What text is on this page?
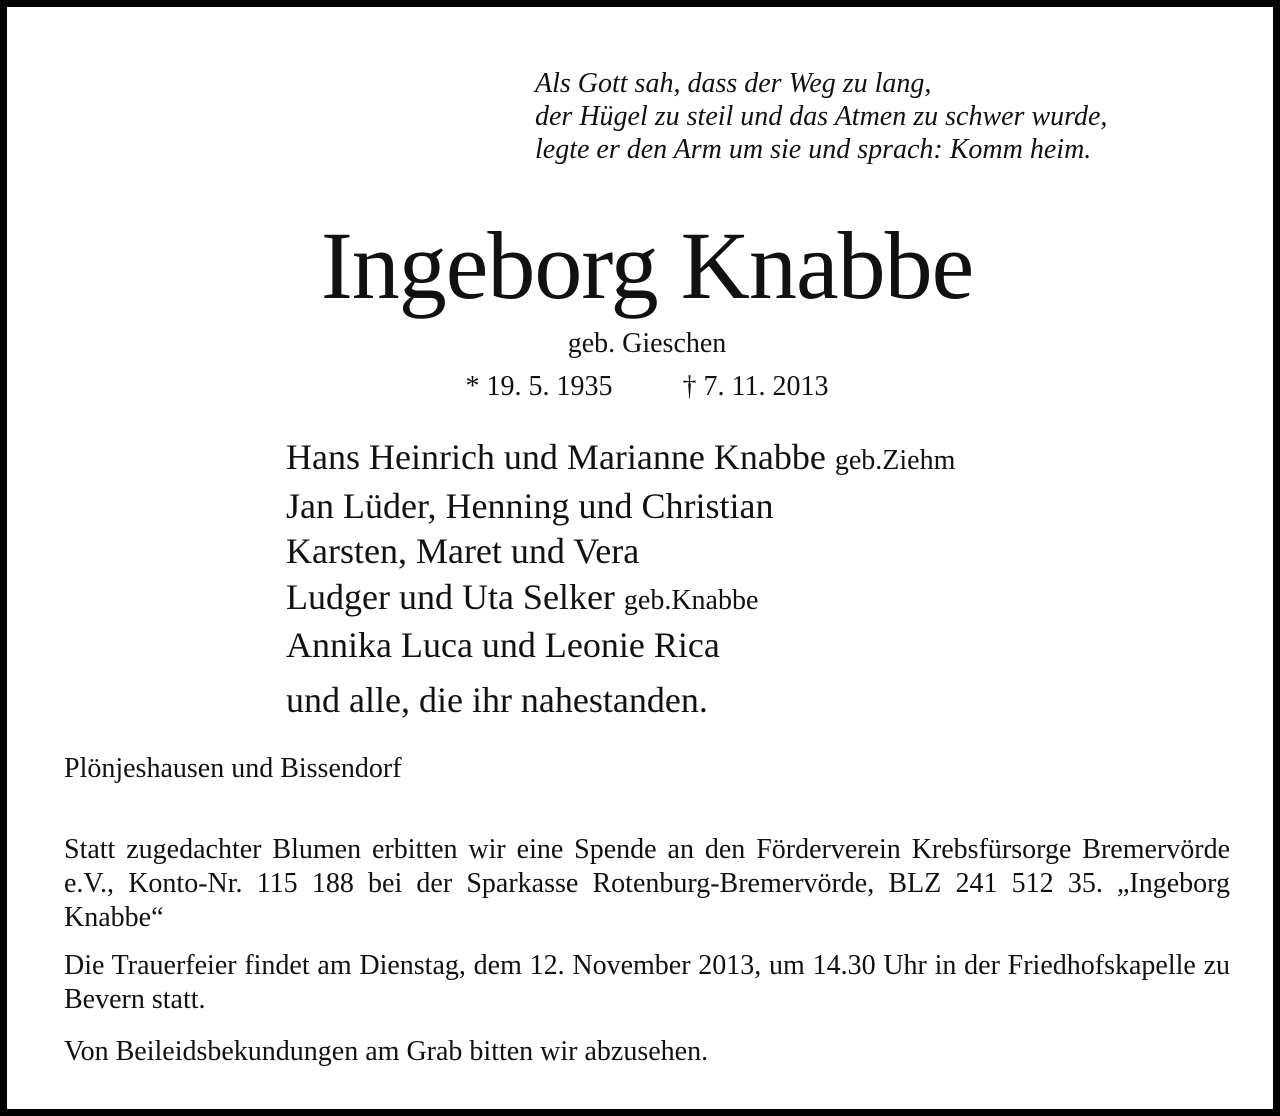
Als Gott sah, dass der Weg zu lang,
der Hügel zu steil und das Atmen zu schwer wurde,
legte er den Arm um sie und sprach: Komm heim.
Ingeborg Knabbe
geb. Gieschen
* 19. 5. 1935	† 7. 11. 2013
Hans Heinrich und Marianne Knabbe geb.Ziehm
Jan Lüder, Henning und Christian
Karsten, Maret und Vera
Ludger und Uta Selker geb.Knabbe
Annika Luca und Leonie Rica
und alle, die ihr nahestanden.
Plönjeshausen und Bissendorf
Statt zugedachter Blumen erbitten wir eine Spende an den Förderverein Krebsfürsorge Bremervörde e.V., Konto-Nr. 115 188 bei der Sparkasse Rotenburg-Bremervörde, BLZ 241 512 35. „Ingeborg Knabbe“
Die Trauerfeier findet am Dienstag, dem 12. November 2013, um 14.30 Uhr in der Friedhofskapelle zu Bevern statt.
Von Beileidsbekundungen am Grab bitten wir abzusehen.
